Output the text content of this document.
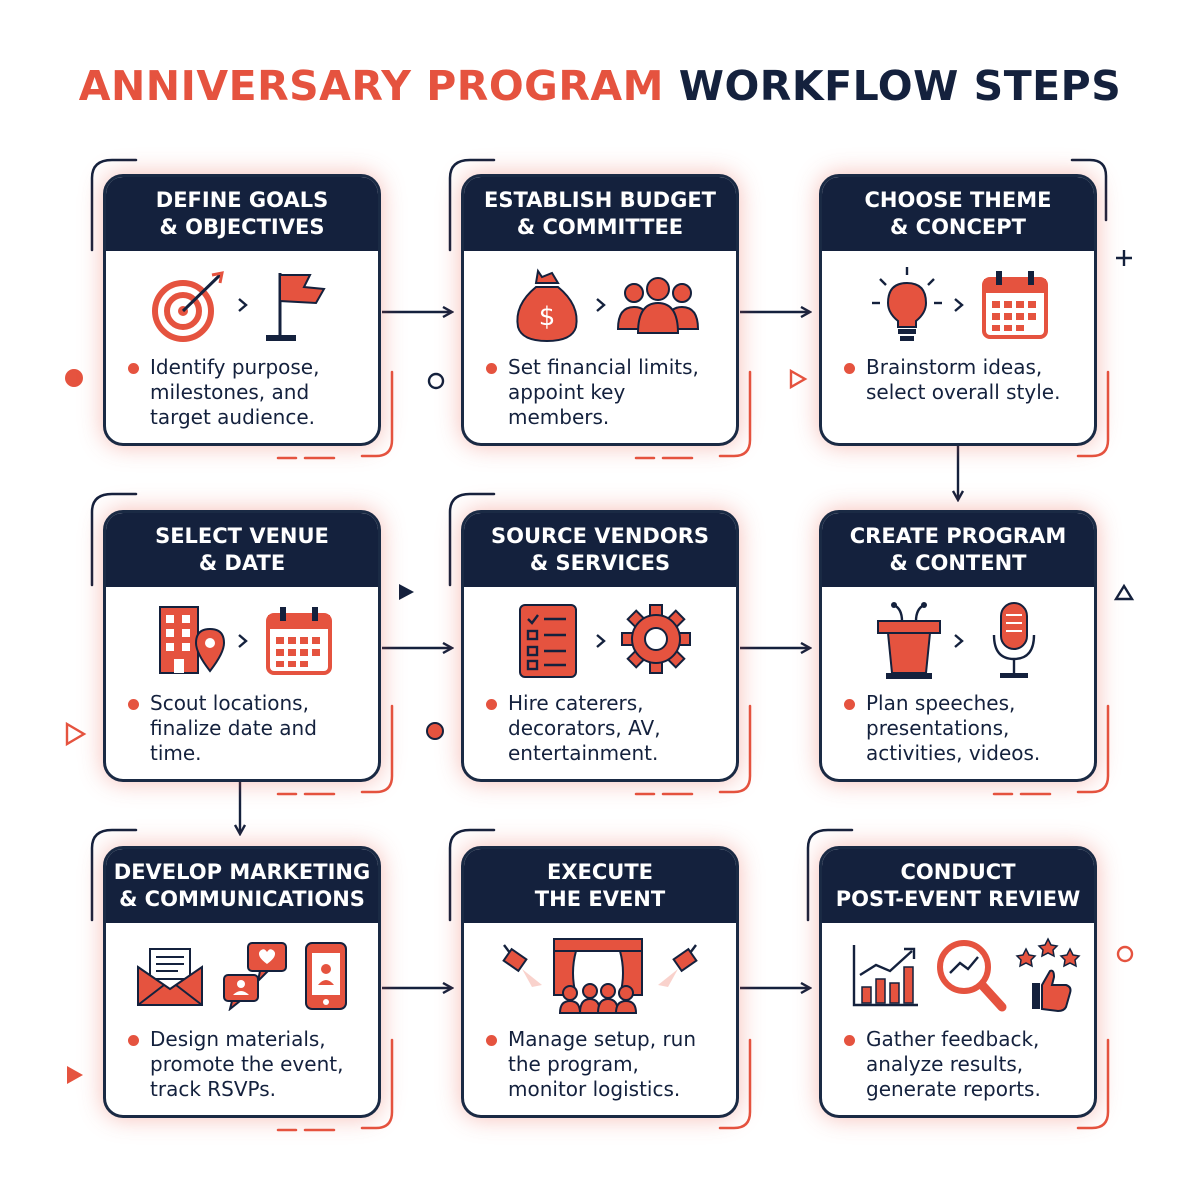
ANNIVERSARY PROGRAM WORKFLOW STEPS
DEFINE GOALS
& OBJECTIVES
Identify purpose,
milestones, and
target audience.
ESTABLISH BUDGET
& COMMITTEE
$
Set financial limits,
appoint key
members.
CHOOSE THEME
& CONCEPT
Brainstorm ideas,
select overall style.
SELECT VENUE
& DATE
Scout locations,
finalize date and
time.
SOURCE VENDORS
& SERVICES
Hire caterers,
decorators, AV,
entertainment.
CREATE PROGRAM
& CONTENT
Plan speeches,
presentations,
activities, videos.
DEVELOP MARKETING
& COMMUNICATIONS
Design materials,
promote the event,
track RSVPs.
EXECUTE
THE EVENT
Manage setup, run
the program,
monitor logistics.
CONDUCT
POST-EVENT REVIEW
Gather feedback,
analyze results,
generate reports.
